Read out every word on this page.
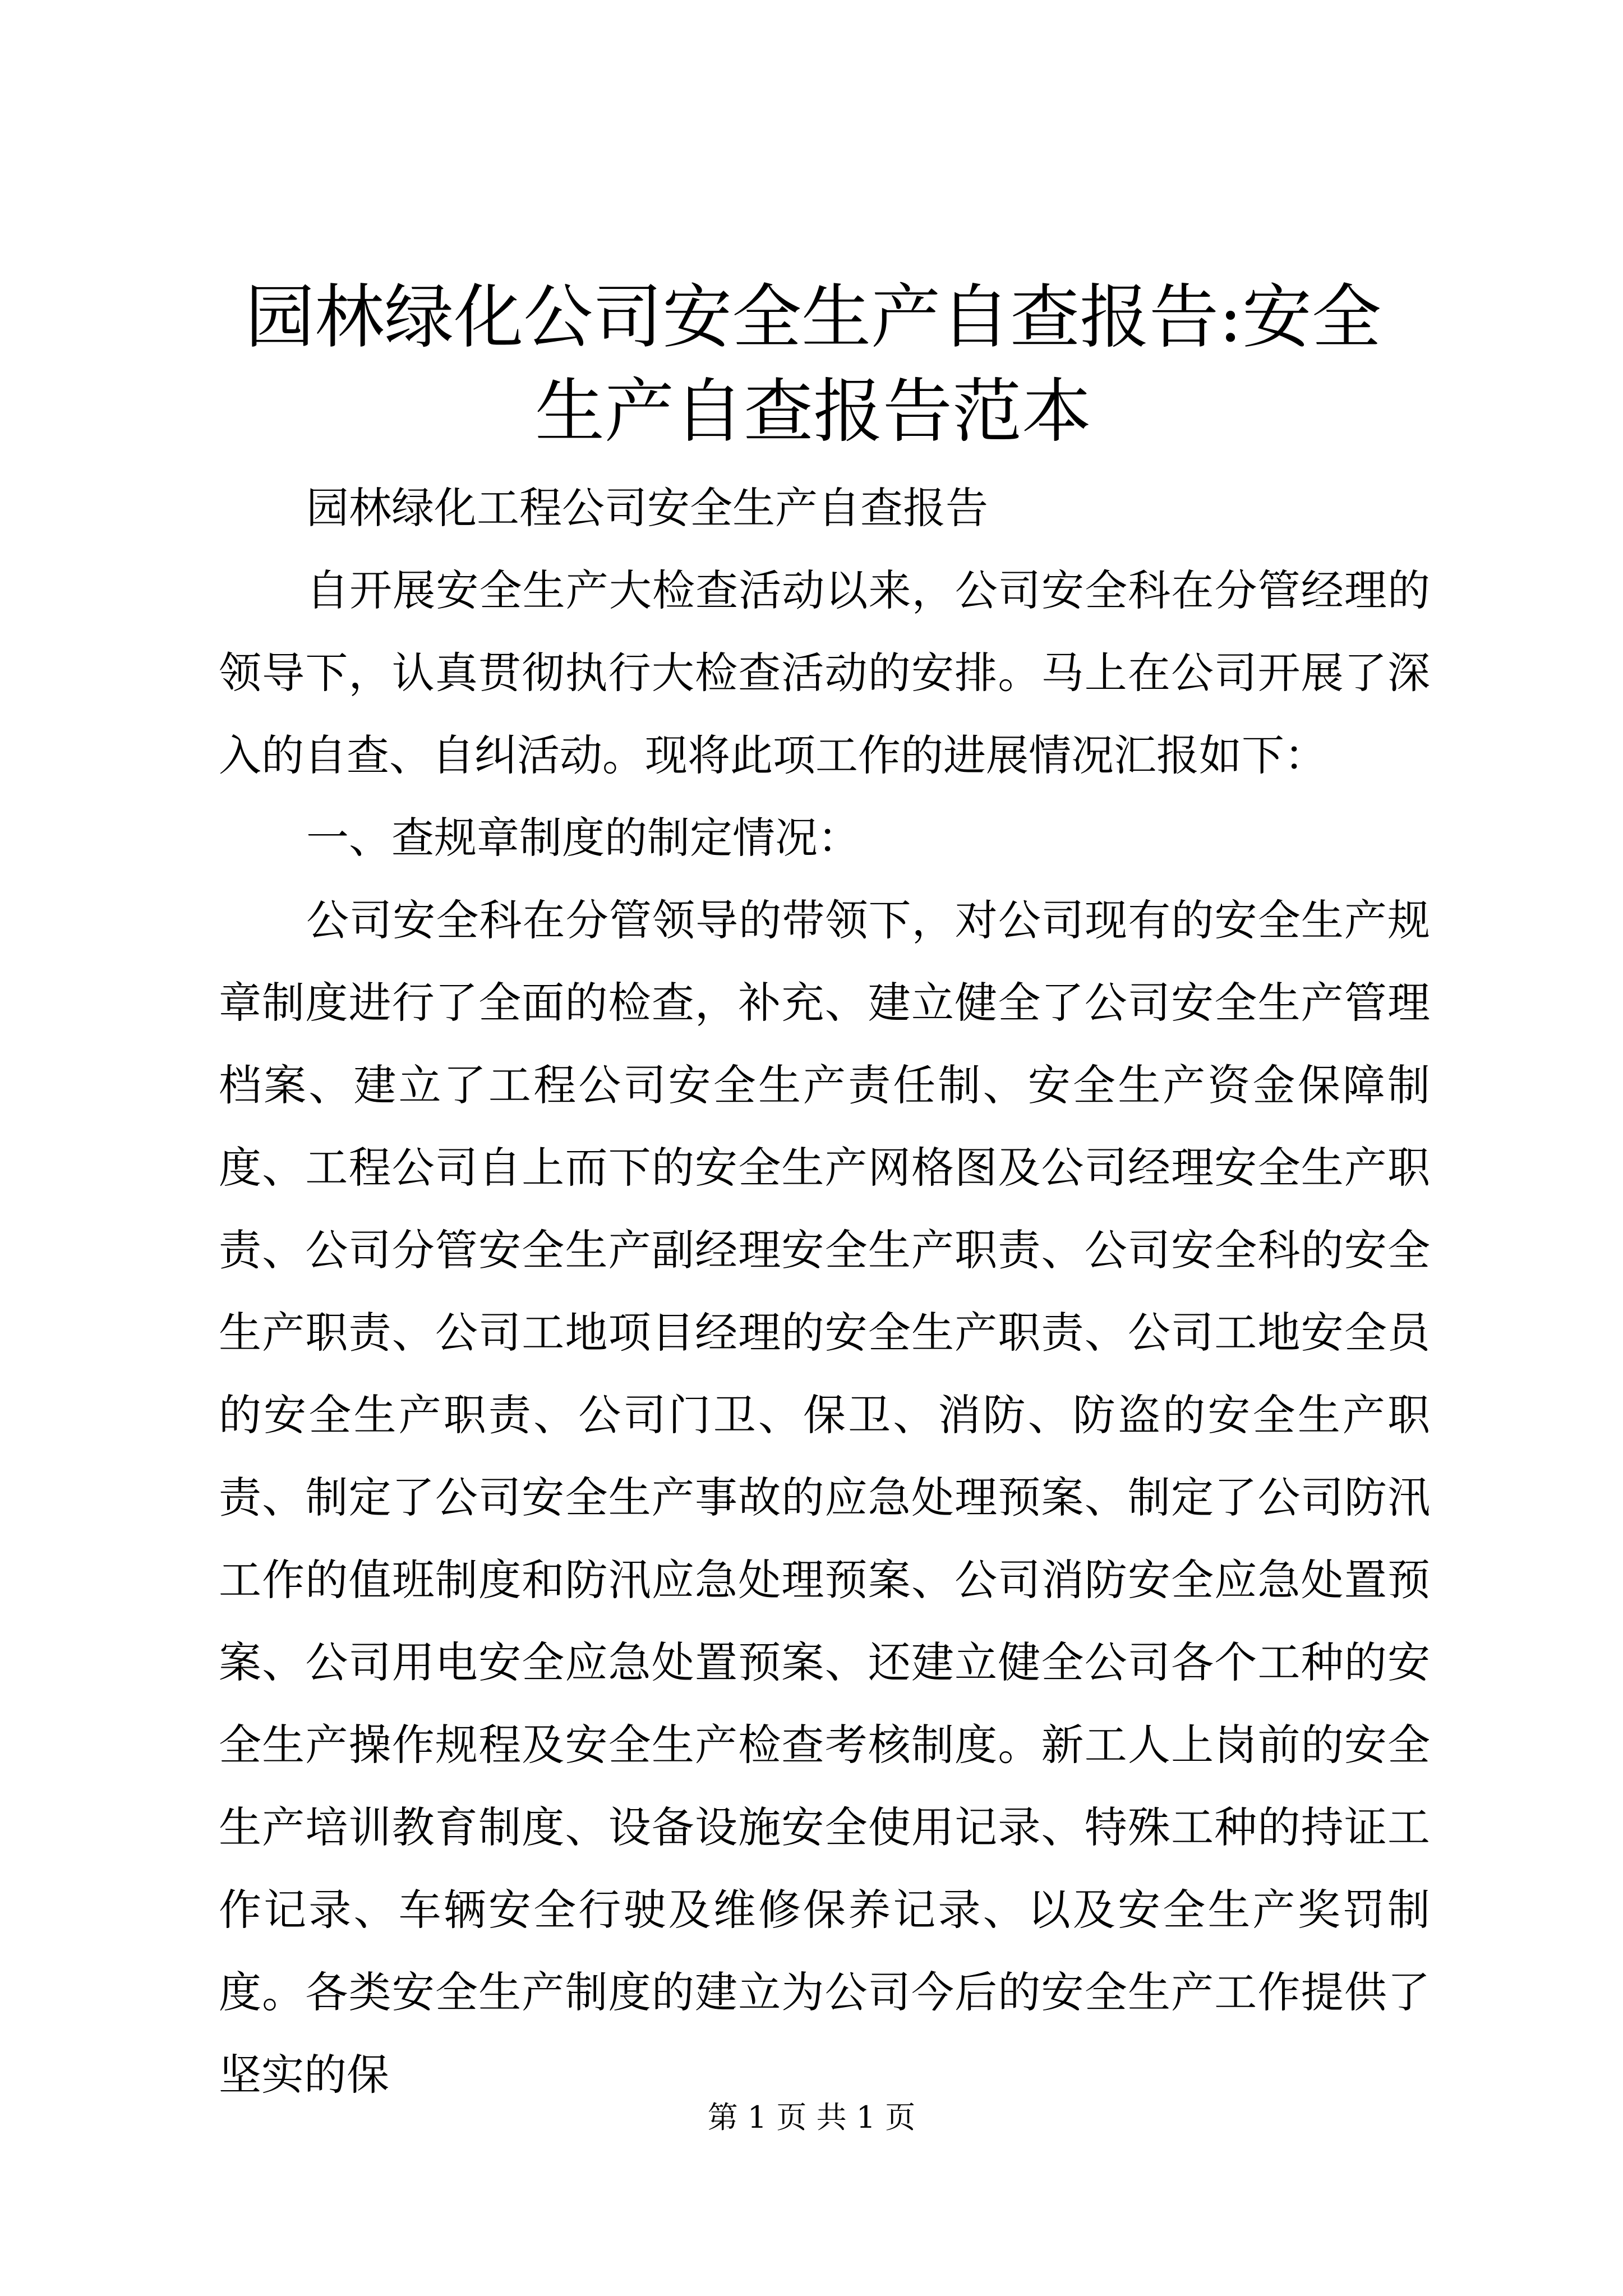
园林绿化公司安全生产自查报告:安全生产自查报告范本

园林绿化工程公司安全生产自查报告

自开展安全生产大检查活动以来，公司安全科在分管经理的领导下，认真贯彻执行大检查活动的安排。马上在公司开展了深入的自查、自纠活动。现将此项工作的进展情况汇报如下：

一、查规章制度的制定情况：

公司安全科在分管领导的带领下，对公司现有的安全生产规章制度进行了全面的检查，补充、建立健全了公司安全生产管理档案、建立了工程公司安全生产责任制、安全生产资金保障制度、工程公司自上而下的安全生产网格图及公司经理安全生产职责、公司分管安全生产副经理安全生产职责、公司安全科的安全生产职责、公司工地项目经理的安全生产职责、公司工地安全员的安全生产职责、公司门卫、保卫、消防、防盗的安全生产职责、制定了公司安全生产事故的应急处理预案、制定了公司防汛工作的值班制度和防汛应急处理预案、公司消防安全应急处置预案、公司用电安全应急处置预案、还建立健全公司各个工种的安全生产操作规程及安全生产检查考核制度。新工人上岗前的安全生产培训教育制度、设备设施安全使用记录、特殊工种的持证工作记录、车辆安全行驶及维修保养记录、以及安全生产奖罚制度。各类安全生产制度的建立为公司今后的安全生产工作提供了坚实的保

第 1 页 共 1 页
